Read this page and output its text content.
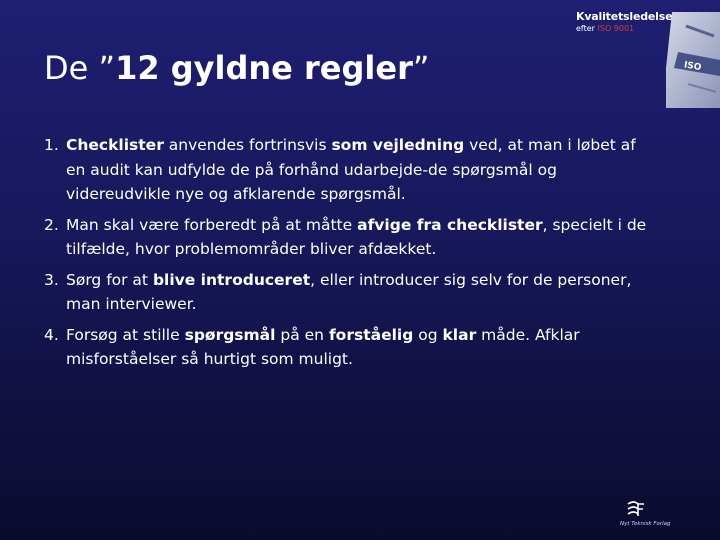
Kvalitetsledelse
efter ISO 9001
ISO
De ”12 gyldne regler”
1. Checklister anvendes fortrinsvis som vejledning ved, at man i løbet af en audit kan udfylde de på forhånd udarbejde-de spørgsmål og videreudvikle nye og afklarende spørgsmål.
2. Man skal være forberedt på at måtte afvige fra checklister, specielt i de tilfælde, hvor problemområder bliver afdækket.
3. Sørg for at blive introduceret, eller introducer sig selv for de personer, man interviewer.
4. Forsøg at stille spørgsmål på en forståelig og klar måde. Afklar misforståelser så hurtigt som muligt.
Nyt Teknisk Forlag
